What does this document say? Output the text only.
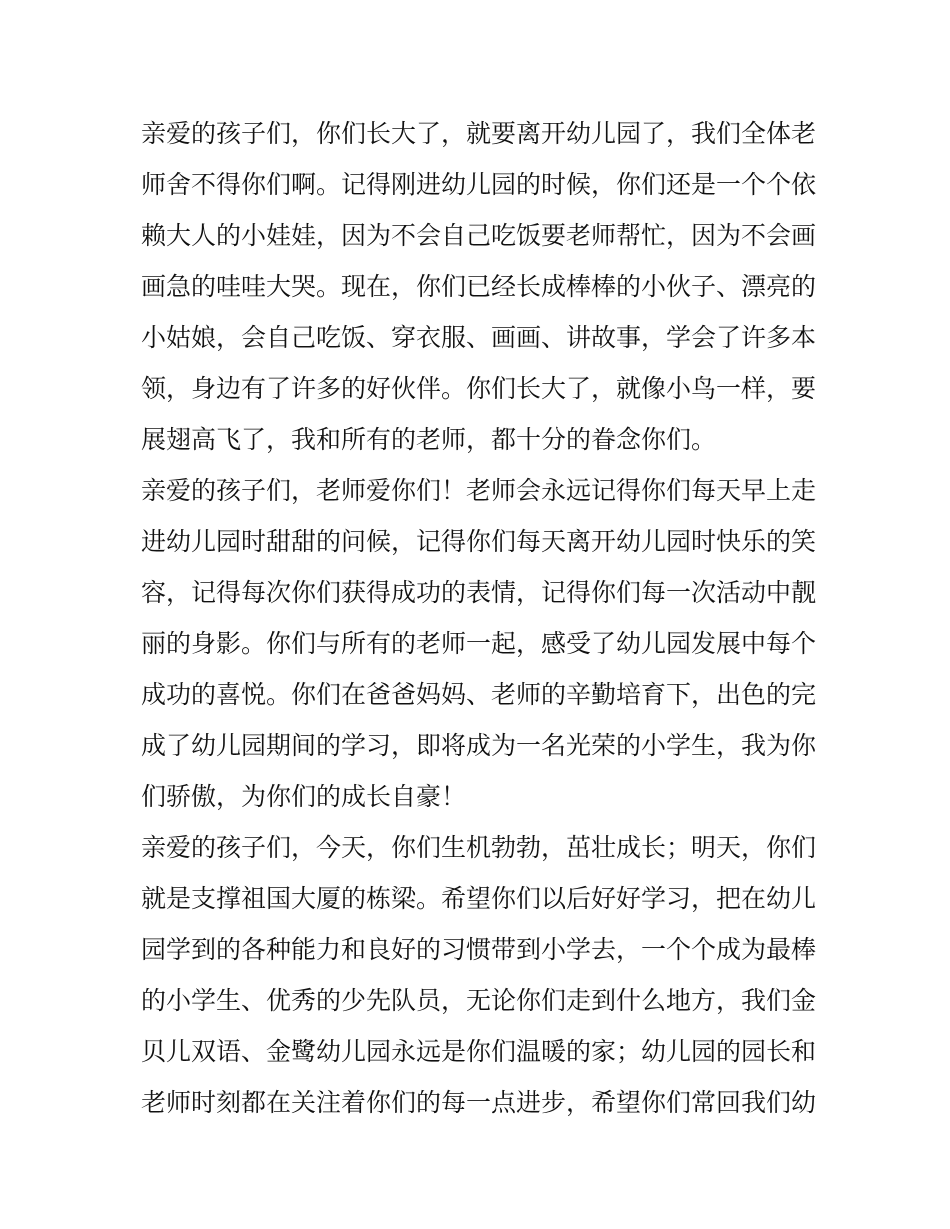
亲爱的孩子们，你们长大了，就要离开幼儿园了，我们全体老
师舍不得你们啊。记得刚进幼儿园的时候，你们还是一个个依
赖大人的小娃娃，因为不会自己吃饭要老师帮忙，因为不会画
画急的哇哇大哭。现在，你们已经长成棒棒的小伙子、漂亮的
小姑娘，会自己吃饭、穿衣服、画画、讲故事，学会了许多本
领，身边有了许多的好伙伴。你们长大了，就像小鸟一样，要
展翅高飞了，我和所有的老师，都十分的眷念你们。
亲爱的孩子们，老师爱你们！老师会永远记得你们每天早上走
进幼儿园时甜甜的问候，记得你们每天离开幼儿园时快乐的笑
容，记得每次你们获得成功的表情，记得你们每一次活动中靓
丽的身影。你们与所有的老师一起，感受了幼儿园发展中每个
成功的喜悦。你们在爸爸妈妈、老师的辛勤培育下，出色的完
成了幼儿园期间的学习，即将成为一名光荣的小学生，我为你
们骄傲，为你们的成长自豪！
亲爱的孩子们，今天，你们生机勃勃，茁壮成长；明天，你们
就是支撑祖国大厦的栋梁。希望你们以后好好学习，把在幼儿
园学到的各种能力和良好的习惯带到小学去，一个个成为最棒
的小学生、优秀的少先队员，无论你们走到什么地方，我们金
贝儿双语、金鹭幼儿园永远是你们温暖的家；幼儿园的园长和
老师时刻都在关注着你们的每一点进步，希望你们常回我们幼
